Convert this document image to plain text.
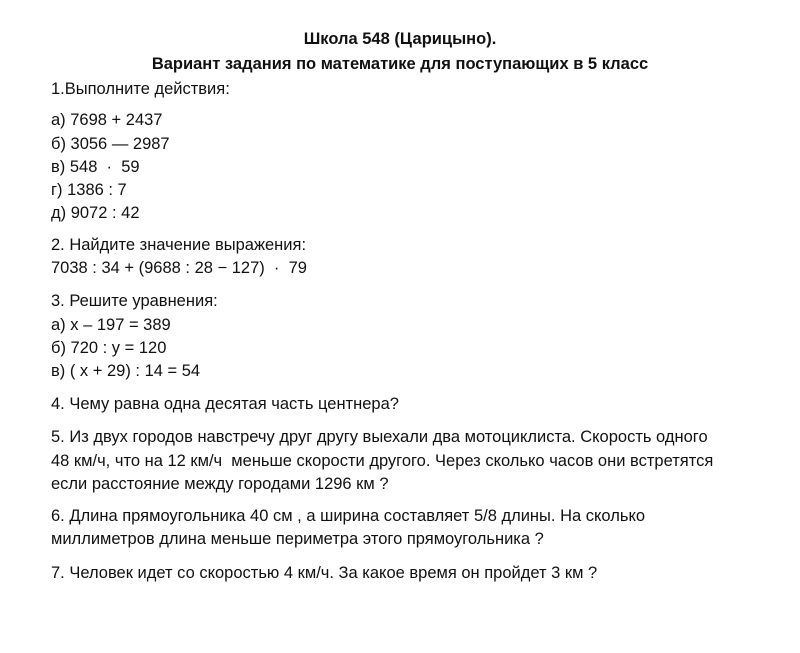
Школа 548 (Царицыно).
Вариант задания по математике для поступающих в 5 класс
1.Выполните действия:
а) 7698 + 2437
б) 3056 — 2987
в) 548  ·  59
г) 1386 : 7
д) 9072 : 42
2. Найдите значение выражения:
7038 : 34 + (9688 : 28 − 127)  ·  79
3. Решите уравнения:
а) х – 197 = 389
б) 720 : у = 120
в) ( х + 29) : 14 = 54
4. Чему равна одна десятая часть центнера?
5. Из двух городов навстречу друг другу выехали два мотоциклиста. Скорость одного
48 км/ч, что на 12 км/ч  меньше скорости другого. Через сколько часов они встретятся
если расстояние между городами 1296 км ?
6. Длина прямоугольника 40 см , а ширина составляет 5/8 длины. На сколько
миллиметров длина меньше периметра этого прямоугольника ?
7. Человек идет со скоростью 4 км/ч. За какое время он пройдет 3 км ?
